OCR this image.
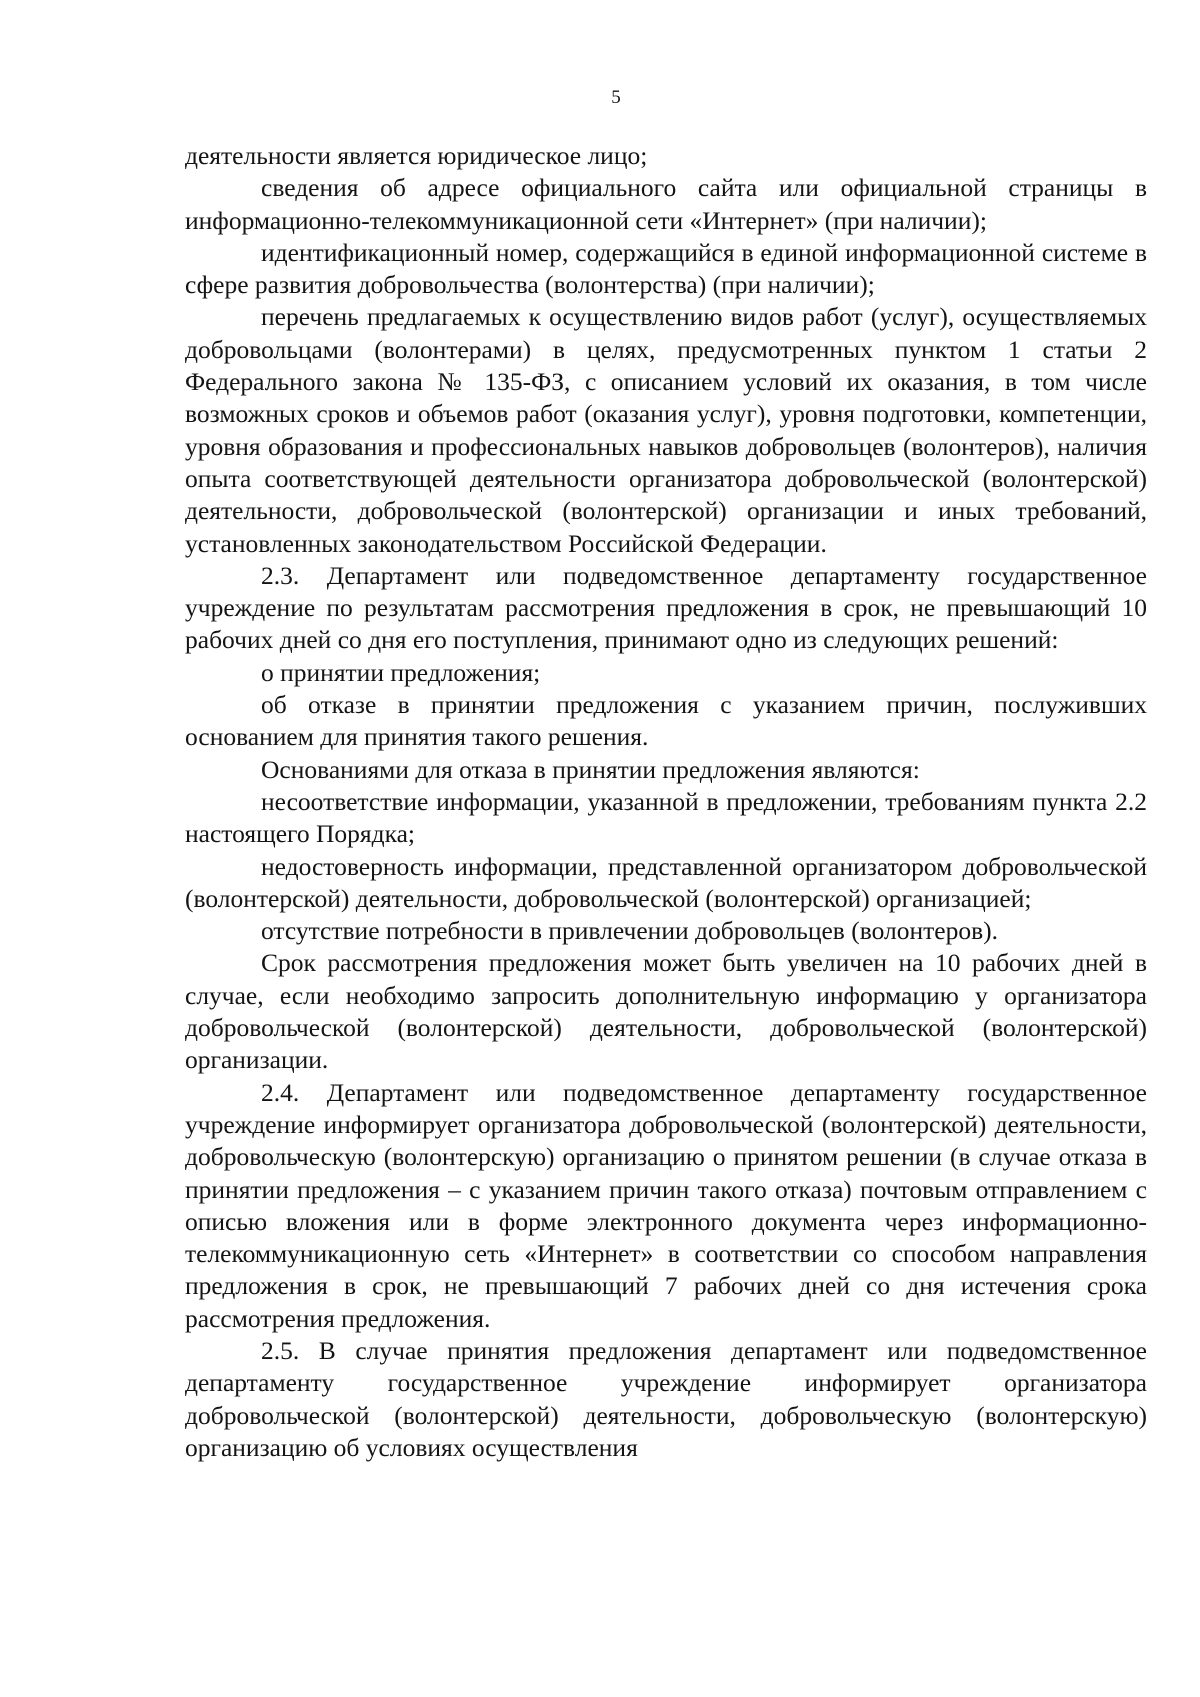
5

деятельности является юридическое лицо;

сведения об адресе официального сайта или официальной страницы в информационно-телекоммуникационной сети «Интернет» (при наличии);

идентификационный номер, содержащийся в единой информационной системе в сфере развития добровольчества (волонтерства) (при наличии);

перечень предлагаемых к осуществлению видов работ (услуг), осуществляемых добровольцами (волонтерами) в целях, предусмотренных пунктом 1 статьи 2 Федерального закона № 135-ФЗ, с описанием условий их оказания, в том числе возможных сроков и объемов работ (оказания услуг), уровня подготовки, компетенции, уровня образования и профессиональных навыков добровольцев (волонтеров), наличия опыта соответствующей деятельности организатора добровольческой (волонтерской) деятельности, добровольческой (волонтерской) организации и иных требований, установленных законодательством Российской Федерации.

2.3. Департамент или подведомственное департаменту государственное учреждение по результатам рассмотрения предложения в срок, не превышающий 10 рабочих дней со дня его поступления, принимают одно из следующих решений:

о принятии предложения;

об отказе в принятии предложения с указанием причин, послуживших основанием для принятия такого решения.

Основаниями для отказа в принятии предложения являются:

несоответствие информации, указанной в предложении, требованиям пункта 2.2 настоящего Порядка;

недостоверность информации, представленной организатором добровольческой (волонтерской) деятельности, добровольческой (волонтерской) организацией;

отсутствие потребности в привлечении добровольцев (волонтеров).

Срок рассмотрения предложения может быть увеличен на 10 рабочих дней в случае, если необходимо запросить дополнительную информацию у организатора добровольческой (волонтерской) деятельности, добровольческой (волонтерской) организации.

2.4. Департамент или подведомственное департаменту государственное учреждение информирует организатора добровольческой (волонтерской) деятельности, добровольческую (волонтерскую) организацию о принятом решении (в случае отказа в принятии предложения – с указанием причин такого отказа) почтовым отправлением с описью вложения или в форме электронного документа через информационно-телекоммуникационную сеть «Интернет» в соответствии со способом направления предложения в срок, не превышающий 7 рабочих дней со дня истечения срока рассмотрения предложения.

2.5. В случае принятия предложения департамент или подведомственное департаменту государственное учреждение информирует организатора добровольческой (волонтерской) деятельности, добровольческую (волонтерскую) организацию об условиях осуществления
